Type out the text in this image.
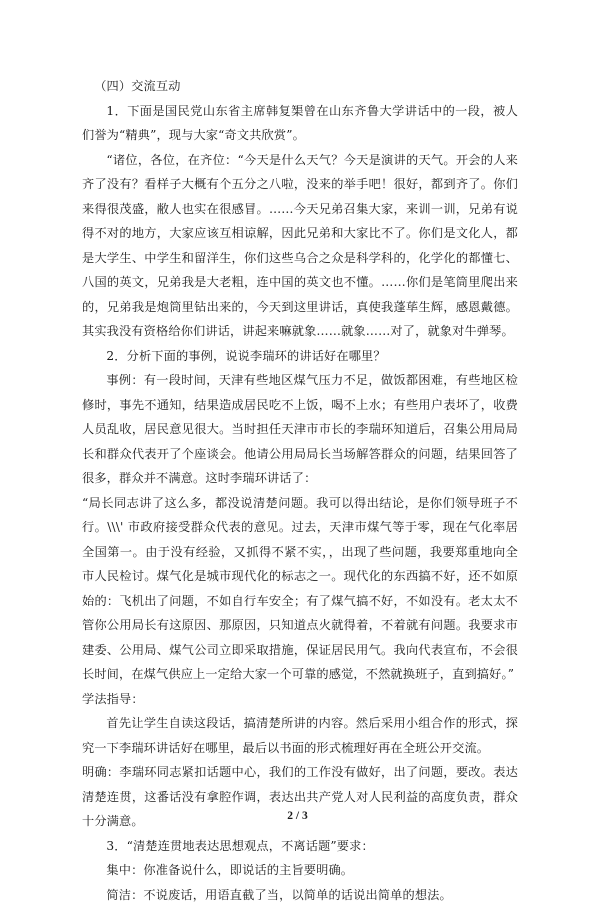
（四）交流互动

1．下面是国民党山东省主席韩复榘曾在山东齐鲁大学讲话中的一段，被人们誉为“精典”，现与大家“奇文共欣赏”。

“诸位，各位，在齐位：“今天是什么天气？今天是演讲的天气。开会的人来齐了没有？看样子大概有个五分之八啦，没来的举手吧！很好，都到齐了。你们来得很茂盛，敝人也实在很感冒。……今天兄弟召集大家，来训一训，兄弟有说得不对的地方，大家应该互相谅解，因此兄弟和大家比不了。你们是文化人，都是大学生、中学生和留洋生，你们这些乌合之众是科学科的，化学化的都懂七、八国的英文，兄弟我是大老粗，连中国的英文也不懂。……你们是笔筒里爬出来的，兄弟我是炮筒里钻出来的，今天到这里讲话，真使我蓬荜生辉，感恩戴德。其实我没有资格给你们讲话，讲起来嘛就象……就象……对了，就象对牛弹琴。

2．分析下面的事例，说说李瑞环的讲话好在哪里？

事例：有一段时间，天津有些地区煤气压力不足，做饭都困难，有些地区检修时，事先不通知，结果造成居民吃不上饭，喝不上水；有些用户表坏了，收费人员乱收，居民意见很大。当时担任天津市市长的李瑞环知道后，召集公用局局长和群众代表开了个座谈会。他请公用局局长当场解答群众的问题，结果回答了很多，群众并不满意。这时李瑞环讲话了：

“局长同志讲了这么多，都没说清楚问题。我可以得出结论，是你们领导班子不行。\\\' 市政府接受群众代表的意见。过去，天津市煤气等于零，现在气化率居全国第一。由于没有经验，又抓得不紧不实，，出现了些问题，我要郑重地向全市人民检讨。煤气化是城市现代化的标志之一。现代化的东西搞不好，还不如原始的：飞机出了问题，不如自行车安全；有了煤气搞不好，不如没有。老太太不管你公用局长有这原因、那原因，只知道点火就得着，不着就有问题。我要求市建委、公用局、煤气公司立即采取措施，保证居民用气。我向代表宣布，不会很长时间，在煤气供应上一定给大家一个可靠的感觉，不然就换班子，直到搞好。”

学法指导：

首先让学生自读这段话，搞清楚所讲的内容。然后采用小组合作的形式，探究一下李瑞环讲话好在哪里，最后以书面的形式梳理好再在全班公开交流。

明确：李瑞环同志紧扣话题中心，我们的工作没有做好，出了问题，要改。表达清楚连贯，这番话没有拿腔作调，表达出共产党人对人民利益的高度负责，群众十分满意。

3．“清楚连贯地表达思想观点，不离话题”要求：

集中：你准备说什么，即说话的主旨要明确。

简洁：不说废话，用语直截了当，以简单的话说出简单的想法。

2 / 3
